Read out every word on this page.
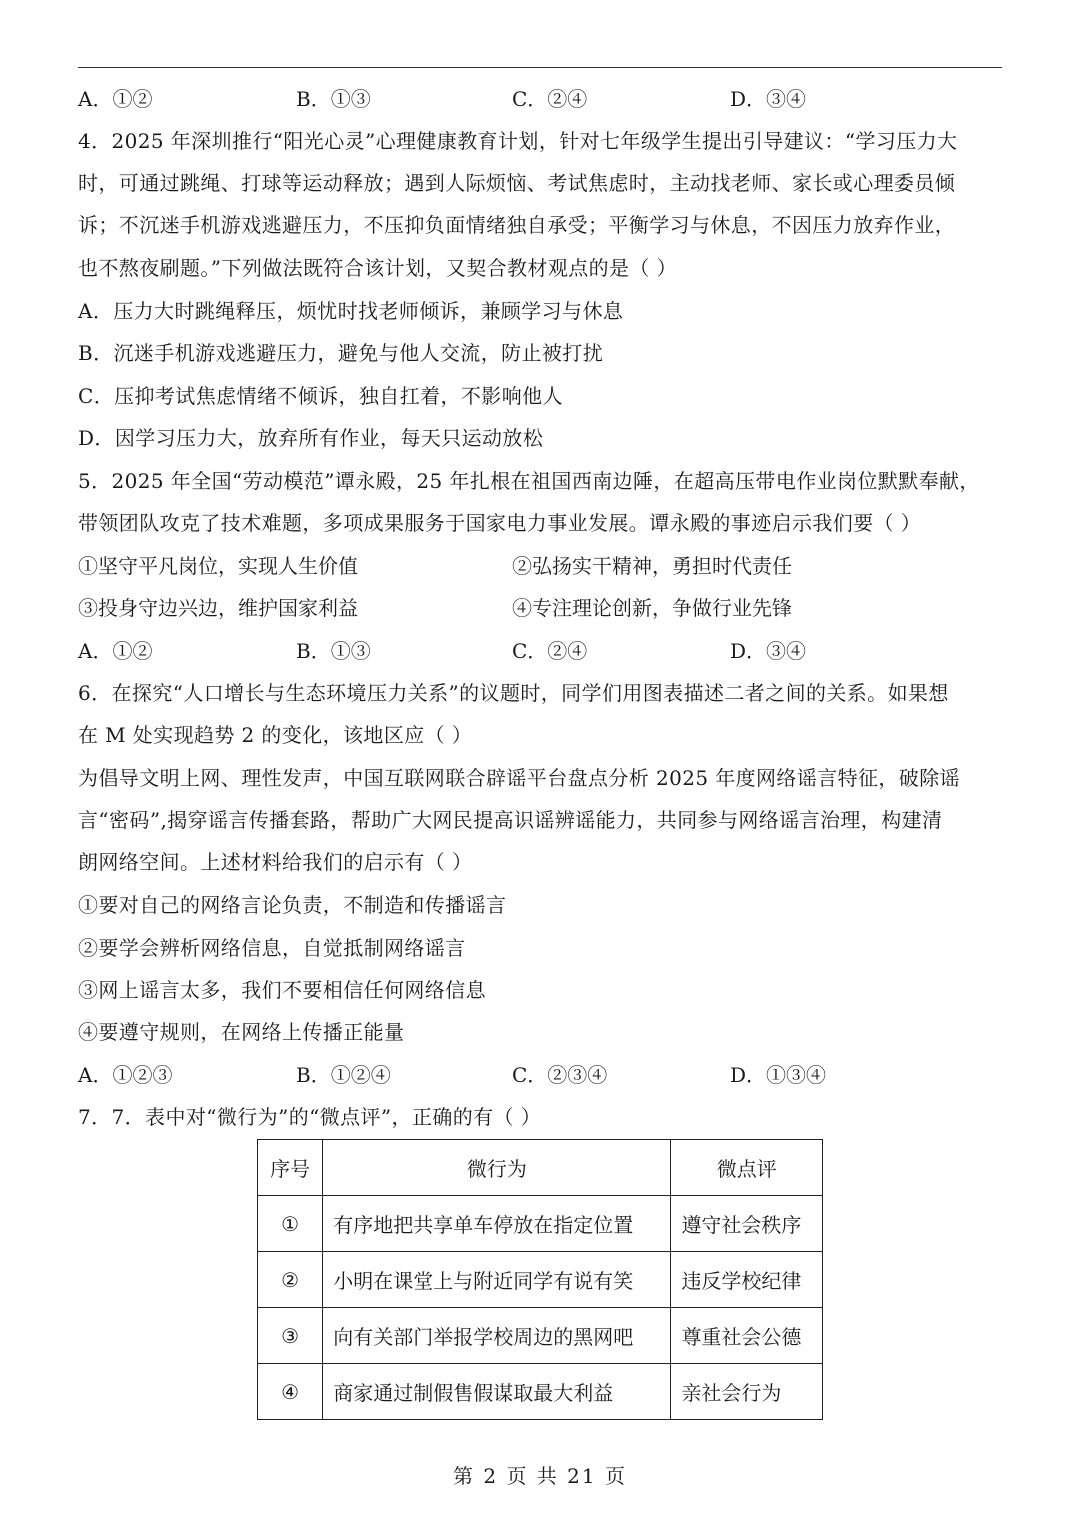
A．①②	B．①③	C．②④	D．③④
4．2025 年深圳推行“阳光心灵”心理健康教育计划，针对七年级学生提出引导建议：“学习压力大
时，可通过跳绳、打球等运动释放；遇到人际烦恼、考试焦虑时，主动找老师、家长或心理委员倾
诉；不沉迷手机游戏逃避压力，不压抑负面情绪独自承受；平衡学习与休息，不因压力放弃作业，
也不熬夜刷题。”下列做法既符合该计划，又契合教材观点的是（ ）
A．压力大时跳绳释压，烦忧时找老师倾诉，兼顾学习与休息
B．沉迷手机游戏逃避压力，避免与他人交流，防止被打扰
C．压抑考试焦虑情绪不倾诉，独自扛着，不影响他人
D．因学习压力大，放弃所有作业，每天只运动放松
5．2025 年全国“劳动模范”谭永殿，25 年扎根在祖国西南边陲，在超高压带电作业岗位默默奉献，
带领团队攻克了技术难题，多项成果服务于国家电力事业发展。谭永殿的事迹启示我们要（ ）
①坚守平凡岗位，实现人生价值	②弘扬实干精神，勇担时代责任
③投身守边兴边，维护国家利益	④专注理论创新，争做行业先锋
A．①②	B．①③	C．②④	D．③④
6．在探究“人口增长与生态环境压力关系”的议题时，同学们用图表描述二者之间的关系。如果想
在 M 处实现趋势 2 的变化，该地区应（ ）
为倡导文明上网、理性发声，中国互联网联合辟谣平台盘点分析 2025 年度网络谣言特征，破除谣
言“密码”,揭穿谣言传播套路，帮助广大网民提高识谣辨谣能力，共同参与网络谣言治理，构建清
朗网络空间。上述材料给我们的启示有（ ）
①要对自己的网络言论负责，不制造和传播谣言
②要学会辨析网络信息，自觉抵制网络谣言
③网上谣言太多，我们不要相信任何网络信息
④要遵守规则，在网络上传播正能量
A．①②③	B．①②④	C．②③④	D．①③④
7．7．表中对“微行为”的“微点评”，正确的有（ ）
序号	微行为	微点评
①	有序地把共享单车停放在指定位置	遵守社会秩序
②	小明在课堂上与附近同学有说有笑	违反学校纪律
③	向有关部门举报学校周边的黑网吧	尊重社会公德
④	商家通过制假售假谋取最大利益	亲社会行为
第 2 页 共 21 页
